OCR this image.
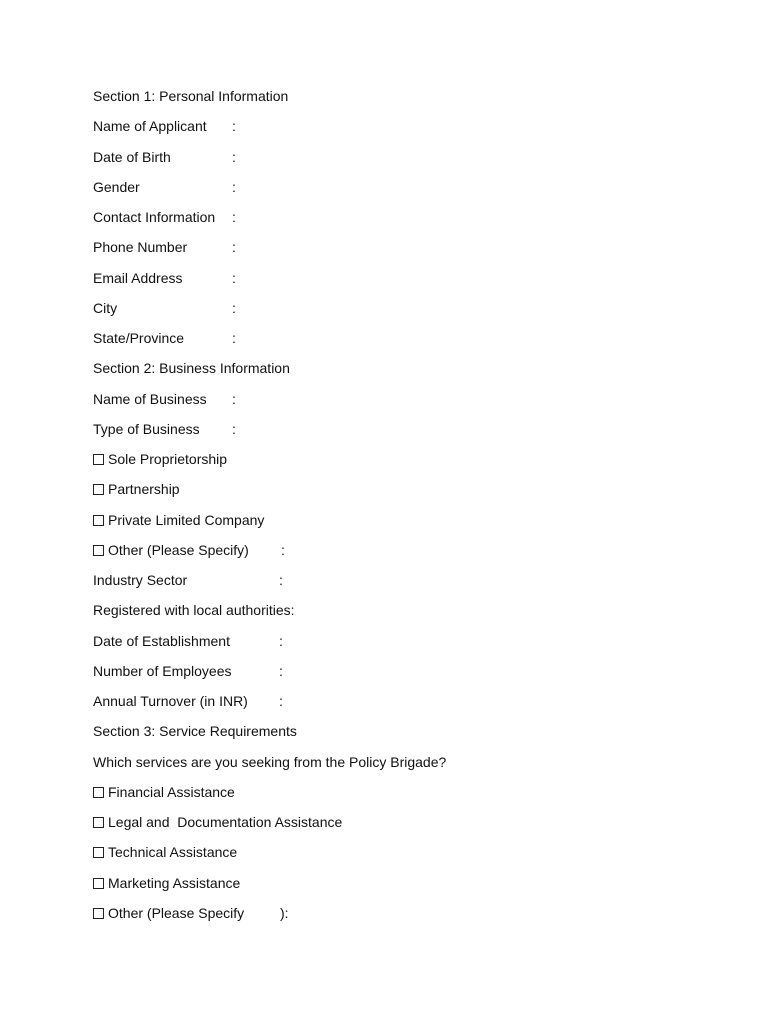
Section 1: Personal Information
Name of Applicant :
Date of Birth	:
Gender	:
Contact Information :
Phone Number	:
Email Address	:
City	:
State/Province	:
Section 2: Business Information
Name of Business :
Type of Business :
Sole Proprietorship
Partnership
Private Limited Company
Other (Please Specify) :
Industry Sector	:
Registered with local authorities:
Date of Establishment	:
Number of Employees	:
Annual Turnover (in INR) :
Section 3: Service Requirements
Which services are you seeking from the Policy Brigade?
Financial Assistance
Legal and  Documentation Assistance
Technical Assistance
Marketing Assistance
Other (Please Specify	):
